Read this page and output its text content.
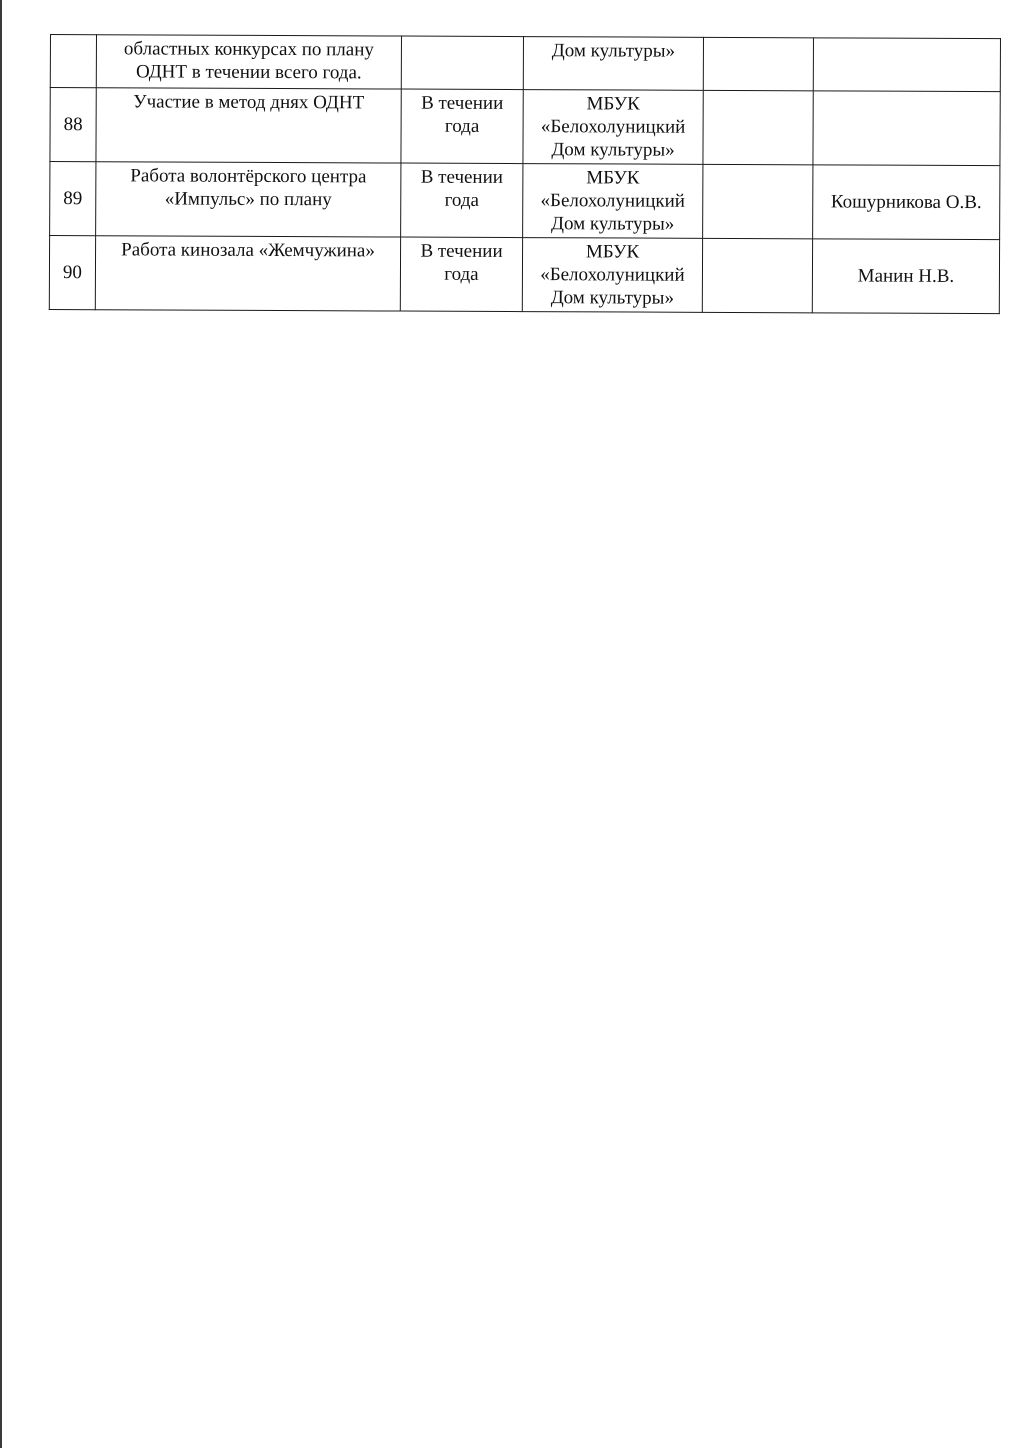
	областных конкурсах по плану ОДНТ в течении всего года.		Дом культуры»		
88	Участие в метод днях ОДНТ	В течении года	МБУК «Белохолуницкий Дом культуры»		
89	Работа волонтёрского центра «Импульс» по плану	В течении года	МБУК «Белохолуницкий Дом культуры»		Кошурникова О.В.
90	Работа кинозала «Жемчужина»	В течении года	МБУК «Белохолуницкий Дом культуры»		Манин Н.В.
